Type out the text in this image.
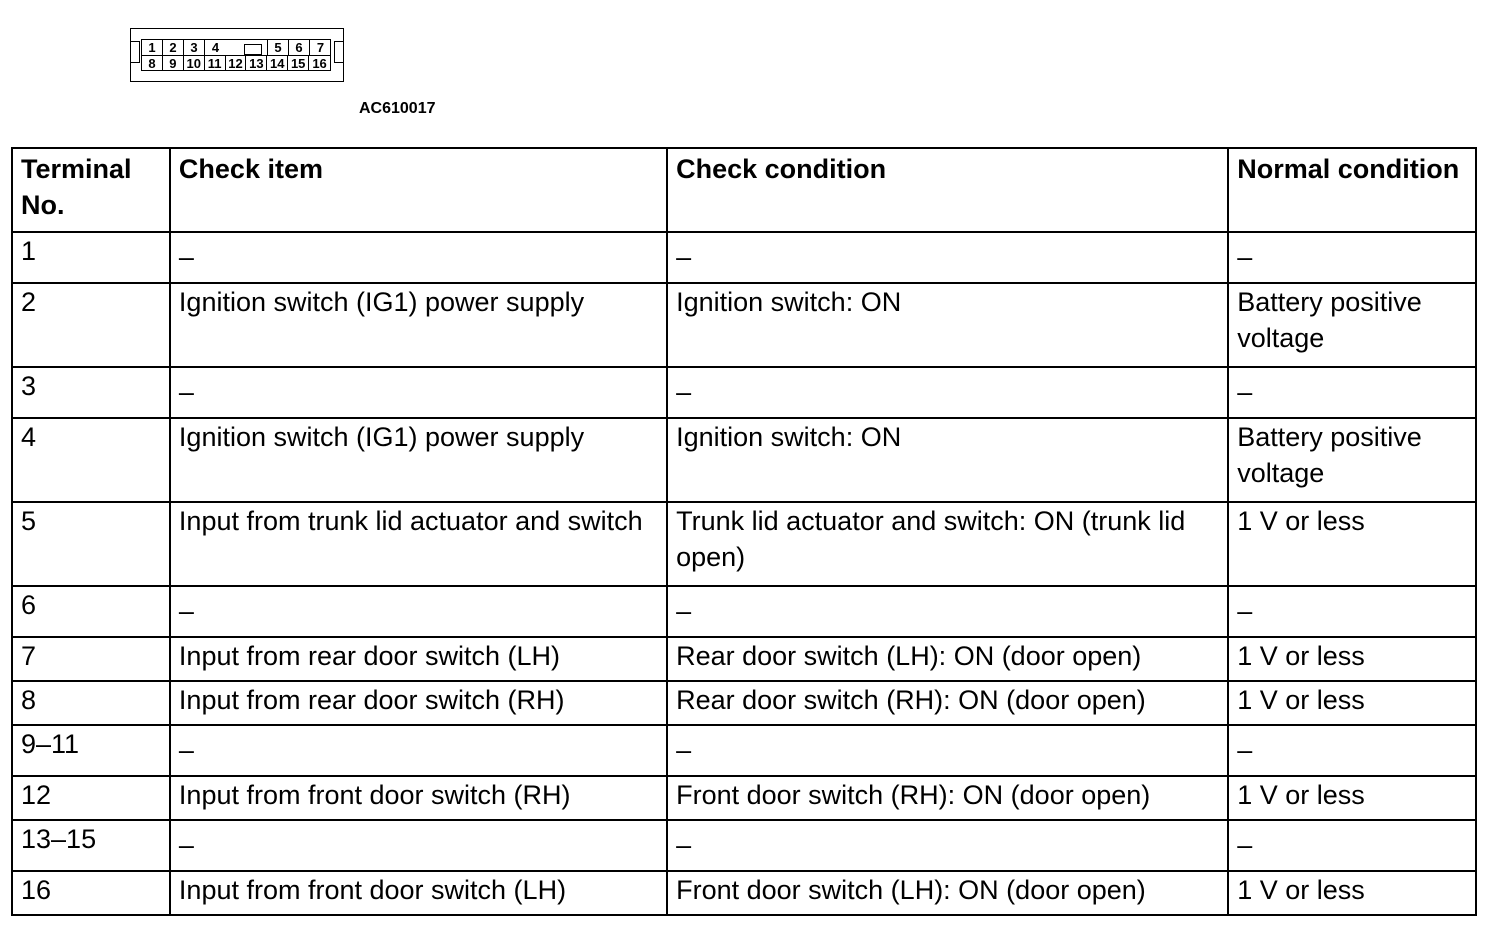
1	2	3	4	5	6	7
8	9 10 11 12 13 14 15 16
AC610017
Terminal No.	Check item	Check condition	Normal condition
1	–	–	–
2	Ignition switch (IG1) power supply	Ignition switch: ON	Battery positive voltage
3	–	–	–
4	Ignition switch (IG1) power supply	Ignition switch: ON	Battery positive voltage
5	Input from trunk lid actuator and switch	Trunk lid actuator and switch: ON (trunk lid open)	1 V or less
6	–	–	–
7	Input from rear door switch (LH)	Rear door switch (LH): ON (door open)	1 V or less
8	Input from rear door switch (RH)	Rear door switch (RH): ON (door open)	1 V or less
9–11	–	–	–
12	Input from front door switch (RH)	Front door switch (RH): ON (door open)	1 V or less
13–15	–	–	–
16	Input from front door switch (LH)	Front door switch (LH): ON (door open)	1 V or less
